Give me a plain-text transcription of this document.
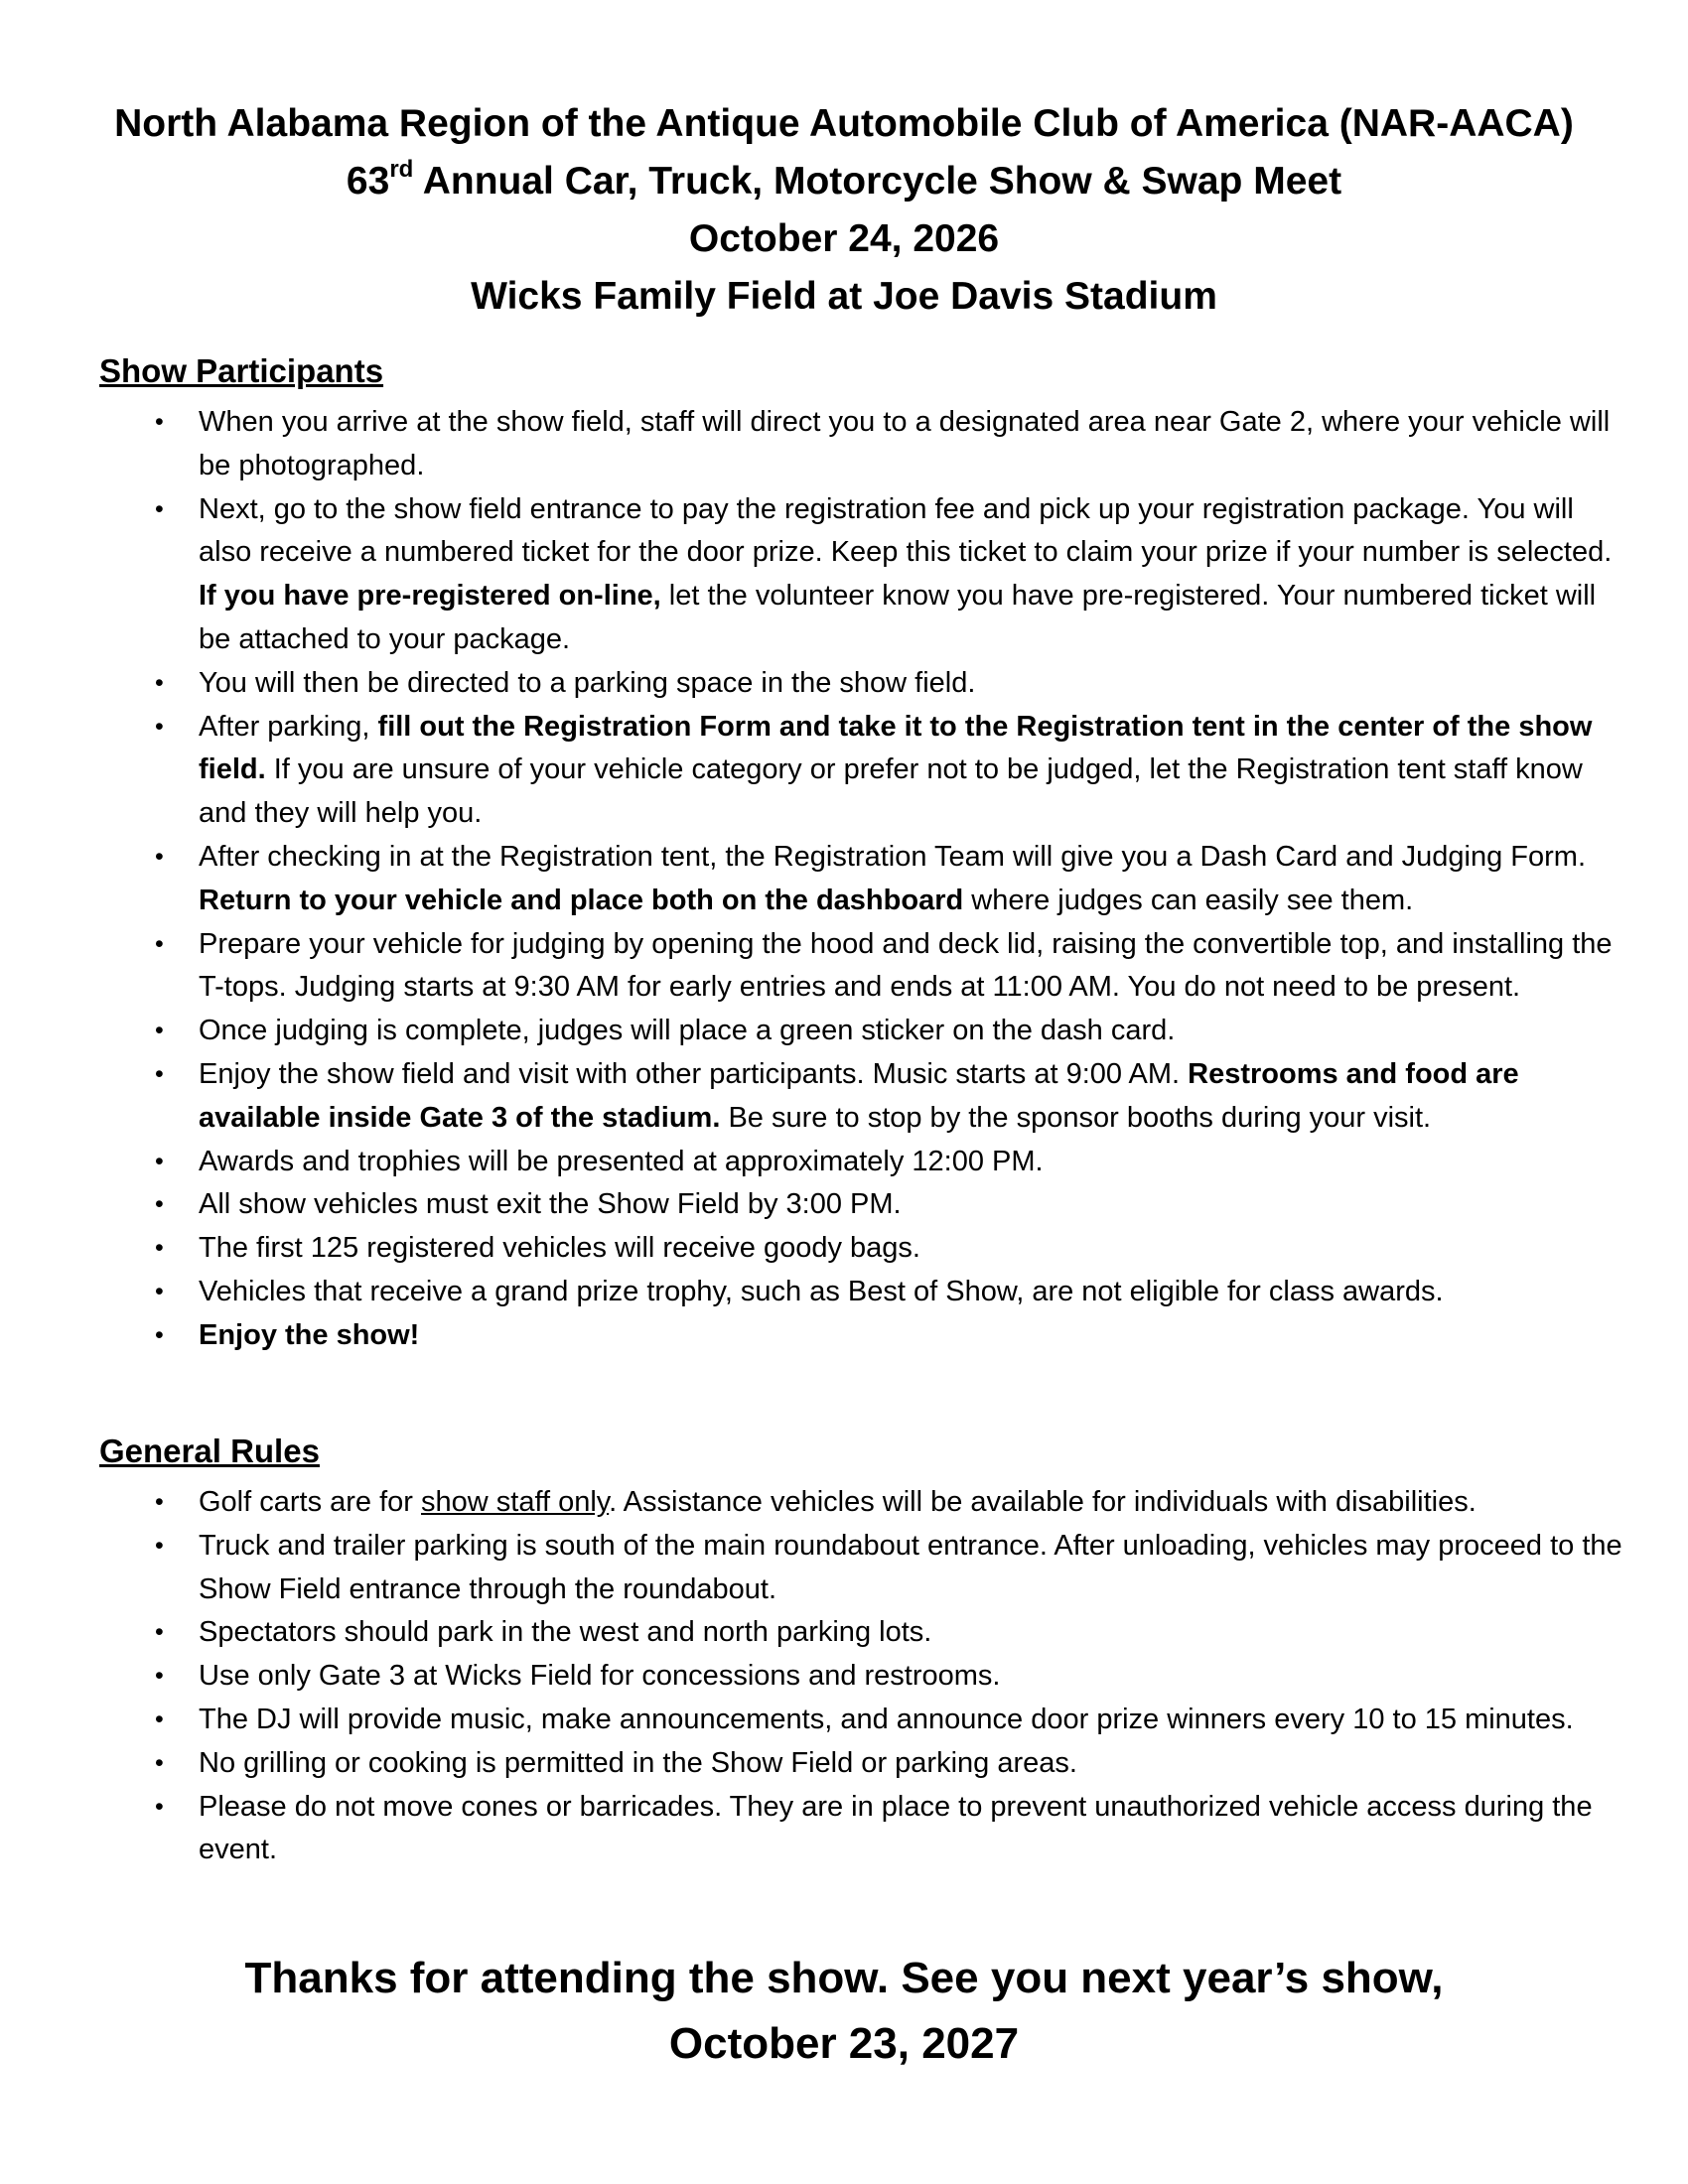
North Alabama Region of the Antique Automobile Club of America (NAR-AACA)
63rd Annual Car, Truck, Motorcycle Show & Swap Meet
October 24, 2026
Wicks Family Field at Joe Davis Stadium
Show Participants
• When you arrive at the show field, staff will direct you to a designated area near Gate 2, where your vehicle will be photographed.
• Next, go to the show field entrance to pay the registration fee and pick up your registration package. You will also receive a numbered ticket for the door prize. Keep this ticket to claim your prize if your number is selected. If you have pre-registered on-line, let the volunteer know you have pre-registered. Your numbered ticket will be attached to your package.
• You will then be directed to a parking space in the show field.
• After parking, fill out the Registration Form and take it to the Registration tent in the center of the show field. If you are unsure of your vehicle category or prefer not to be judged, let the Registration tent staff know and they will help you.
• After checking in at the Registration tent, the Registration Team will give you a Dash Card and Judging Form. Return to your vehicle and place both on the dashboard where judges can easily see them.
• Prepare your vehicle for judging by opening the hood and deck lid, raising the convertible top, and installing the T-tops. Judging starts at 9:30 AM for early entries and ends at 11:00 AM. You do not need to be present.
• Once judging is complete, judges will place a green sticker on the dash card.
• Enjoy the show field and visit with other participants. Music starts at 9:00 AM. Restrooms and food are available inside Gate 3 of the stadium. Be sure to stop by the sponsor booths during your visit.
• Awards and trophies will be presented at approximately 12:00 PM.
• All show vehicles must exit the Show Field by 3:00 PM.
• The first 125 registered vehicles will receive goody bags.
• Vehicles that receive a grand prize trophy, such as Best of Show, are not eligible for class awards.
• Enjoy the show!
General Rules
• Golf carts are for show staff only. Assistance vehicles will be available for individuals with disabilities.
• Truck and trailer parking is south of the main roundabout entrance. After unloading, vehicles may proceed to the Show Field entrance through the roundabout.
• Spectators should park in the west and north parking lots.
• Use only Gate 3 at Wicks Field for concessions and restrooms.
• The DJ will provide music, make announcements, and announce door prize winners every 10 to 15 minutes.
• No grilling or cooking is permitted in the Show Field or parking areas.
• Please do not move cones or barricades. They are in place to prevent unauthorized vehicle access during the event.
Thanks for attending the show. See you next year’s show,
October 23, 2027
